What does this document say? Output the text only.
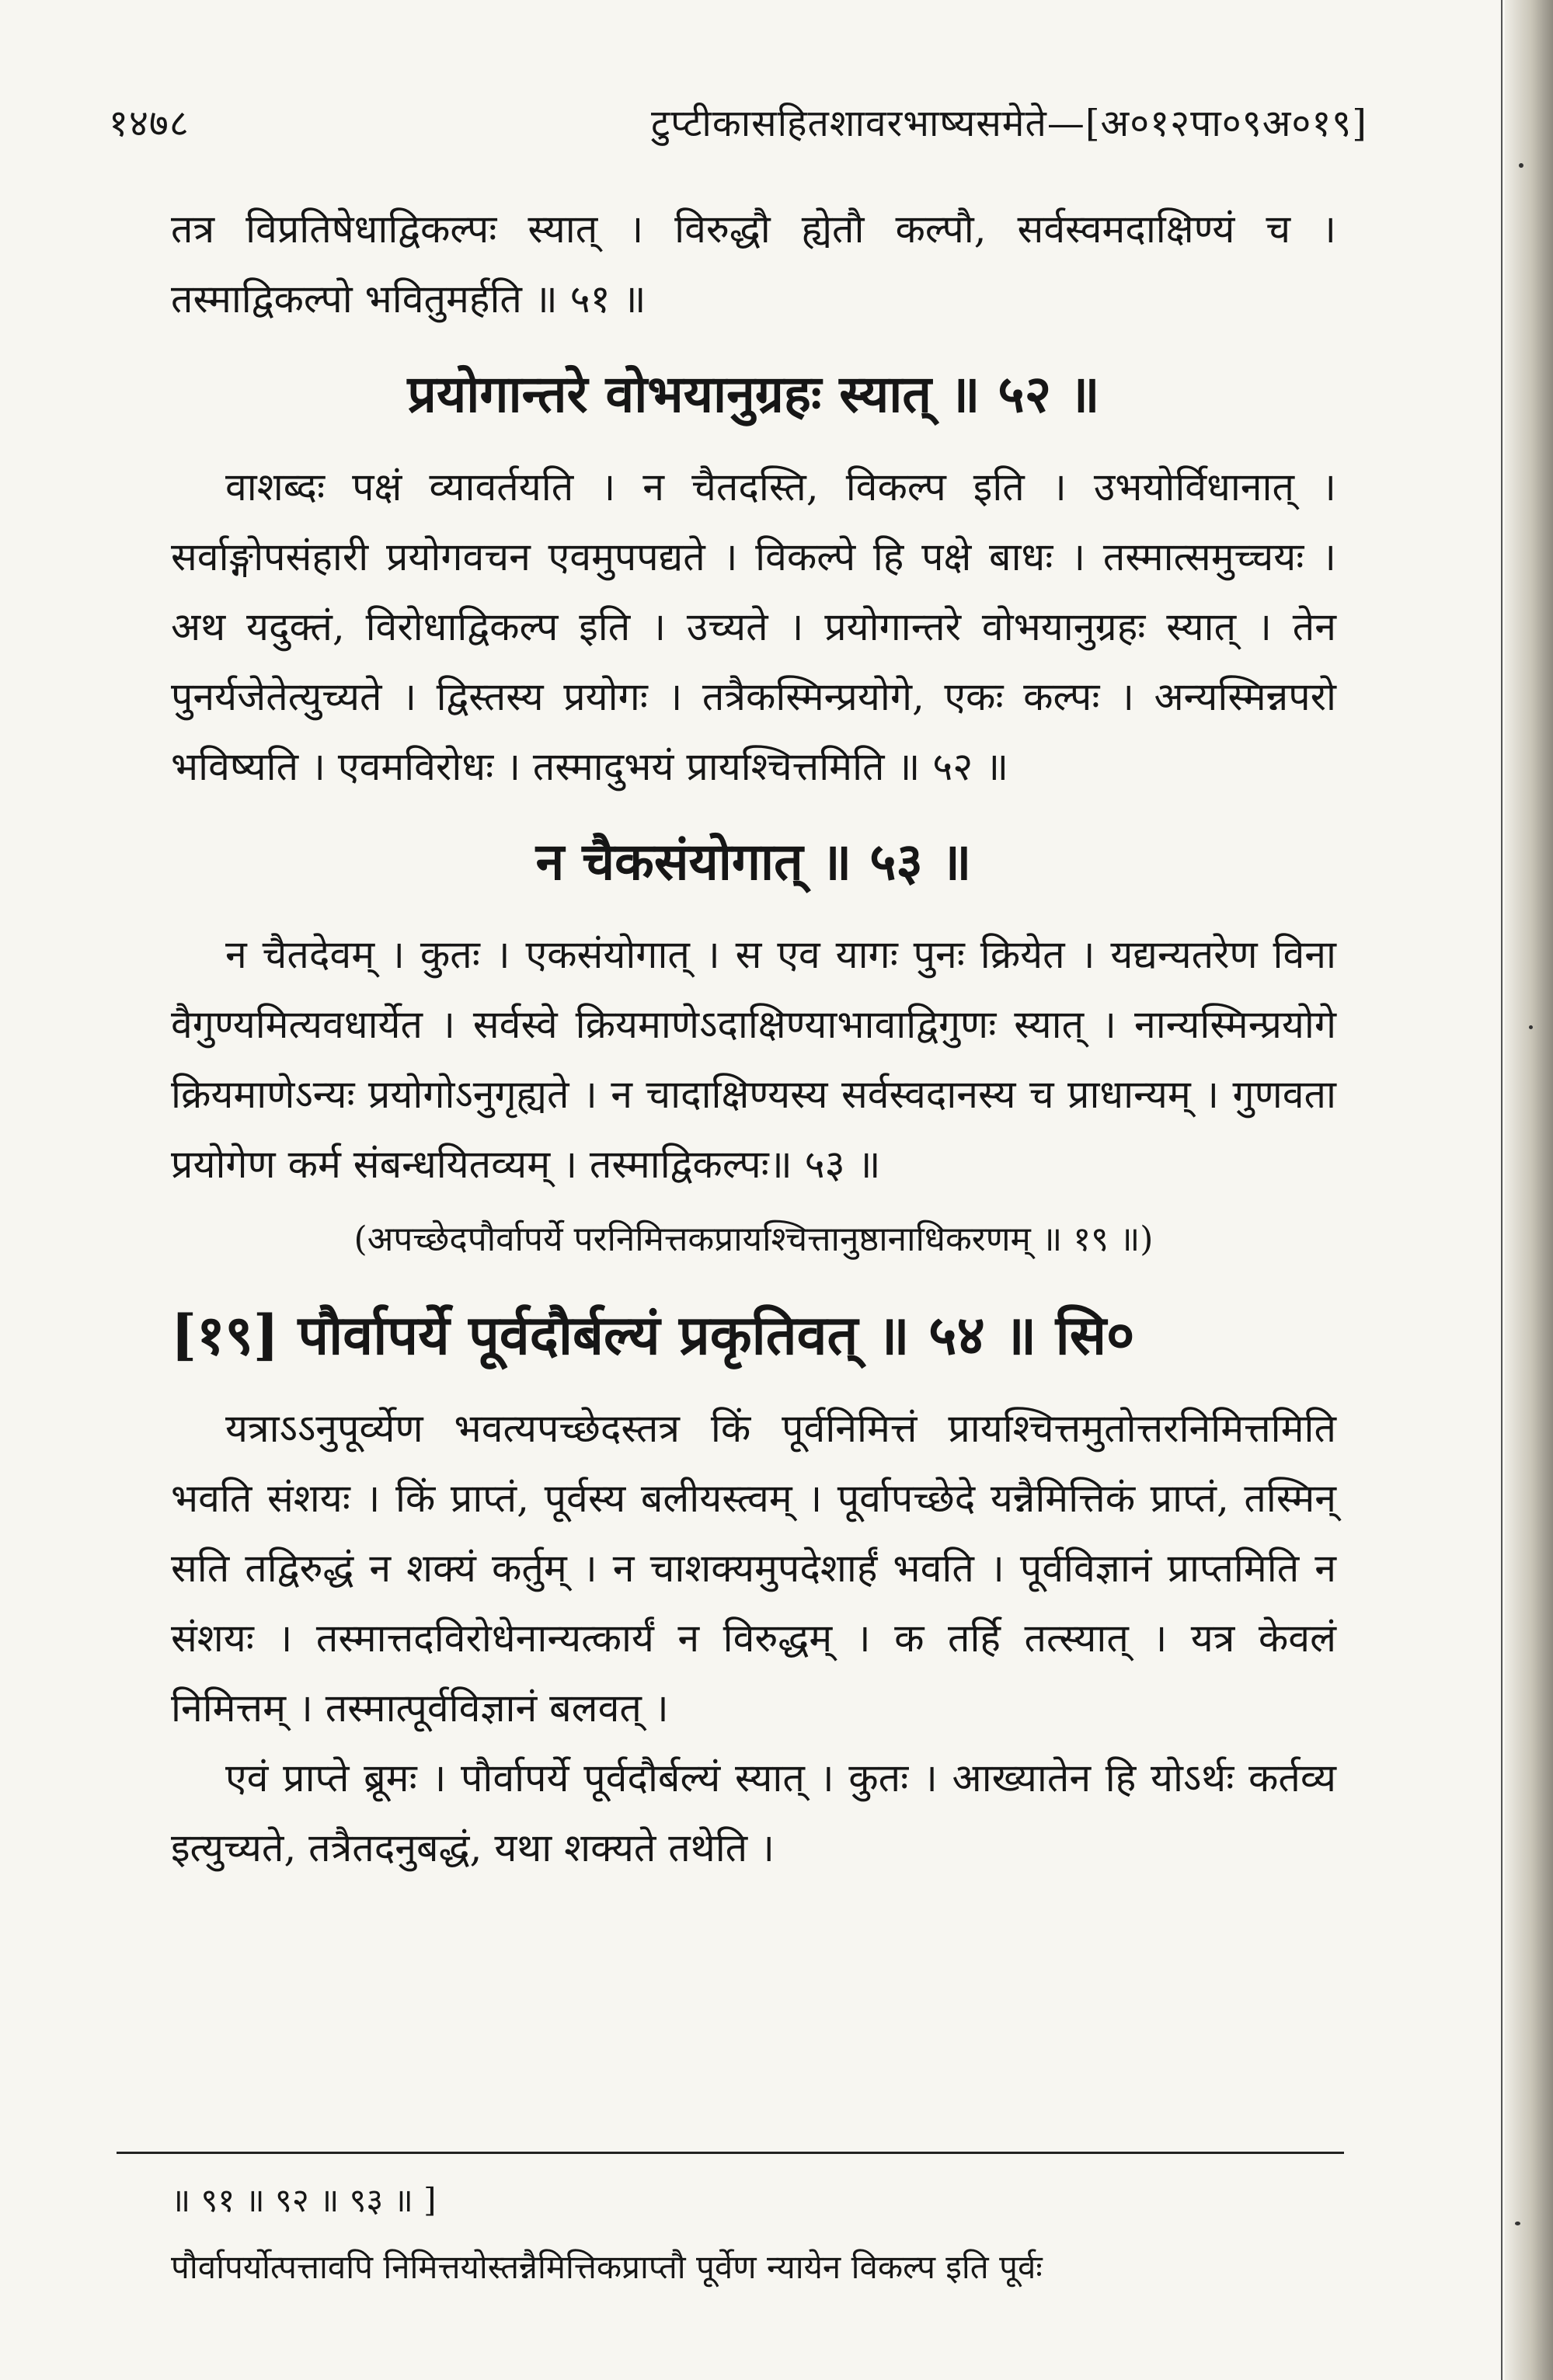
१४७८	टुप्टीकासहितशावरभाष्यसमेते—[अ०१२पा०९अ०१९]

तत्र विप्रतिषेधाद्विकल्पः स्यात् । विरुद्धौ ह्येतौ कल्पौ, सर्वस्वमदाक्षिण्यं च । तस्माद्विकल्पो भवितुमर्हति ॥ ५१ ॥

प्रयोगान्तरे वोभयानुग्रहः स्यात् ॥ ५२ ॥

वाशब्दः पक्षं व्यावर्तयति । न चैतदस्ति, विकल्प इति । उभयोर्विधानात् । सर्वाङ्गोपसंहारी प्रयोगवचन एवमुपपद्यते । विकल्पे हि पक्षे बाधः । तस्मात्समुच्चयः । अथ यदुक्तं, विरोधाद्विकल्प इति । उच्यते । प्रयोगान्तरे वोभयानुग्रहः स्यात् । तेन पुनर्यजेतेत्युच्यते । द्विस्तस्य प्रयोगः । तत्रैकस्मिन्प्रयोगे, एकः कल्पः । अन्यस्मिन्नपरो भविष्यति । एवमविरोधः । तस्मादुभयं प्रायश्चित्तमिति ॥ ५२ ॥

न चैकसंयोगात् ॥ ५३ ॥

न चैतदेवम् । कुतः । एकसंयोगात् । स एव यागः पुनः क्रियेत । यद्यन्यतरेण विना वैगुण्यमित्यवधार्येत । सर्वस्वे क्रियमाणेऽदाक्षिण्याभावाद्विगुणः स्यात् । नान्यस्मिन्प्रयोगे क्रियमाणेऽन्यः प्रयोगोऽनुगृह्यते । न चादाक्षिण्यस्य सर्वस्वदानस्य च प्राधान्यम् । गुणवता प्रयोगेण कर्म संबन्धयितव्यम् । तस्माद्विकल्पः॥ ५३ ॥

(अपच्छेदपौर्वापर्ये परनिमित्तकप्रायश्चित्तानुष्ठानाधिकरणम् ॥ १९ ॥)
[१९] पौर्वापर्ये पूर्वदौर्बल्यं प्रकृतिवत् ॥ ५४ ॥ सि०

यत्राऽऽनुपूर्व्येण भवत्यपच्छेदस्तत्र किं पूर्वनिमित्तं प्रायश्चित्तमुतोत्तरनिमित्तमिति भवति संशयः । किं प्राप्तं, पूर्वस्य बलीयस्त्वम् । पूर्वापच्छेदे यन्नैमित्तिकं प्राप्तं, तस्मिन् सति तद्विरुद्धं न शक्यं कर्तुम् । न चाशक्यमुपदेशार्हं भवति । पूर्वविज्ञानं प्राप्तमिति न संशयः । तस्मात्तदविरोधेनान्यत्कार्यं न विरुद्धम् । क तर्हि तत्स्यात् । यत्र केवलं निमित्तम् । तस्मात्पूर्वविज्ञानं बलवत् ।

एवं प्राप्ते ब्रूमः । पौर्वापर्ये पूर्वदौर्बल्यं स्यात् । कुतः । आख्यातेन हि योऽर्थः कर्तव्य इत्युच्यते, तत्रैतदनुबद्धं, यथा शक्यते तथेति ।

॥ ९१ ॥ ९२ ॥ ९३ ॥ ]
पौर्वापर्योत्पत्तावपि निमित्तयोस्तन्नैमित्तिकप्राप्तौ पूर्वेण न्यायेन विकल्प इति पूर्वः
